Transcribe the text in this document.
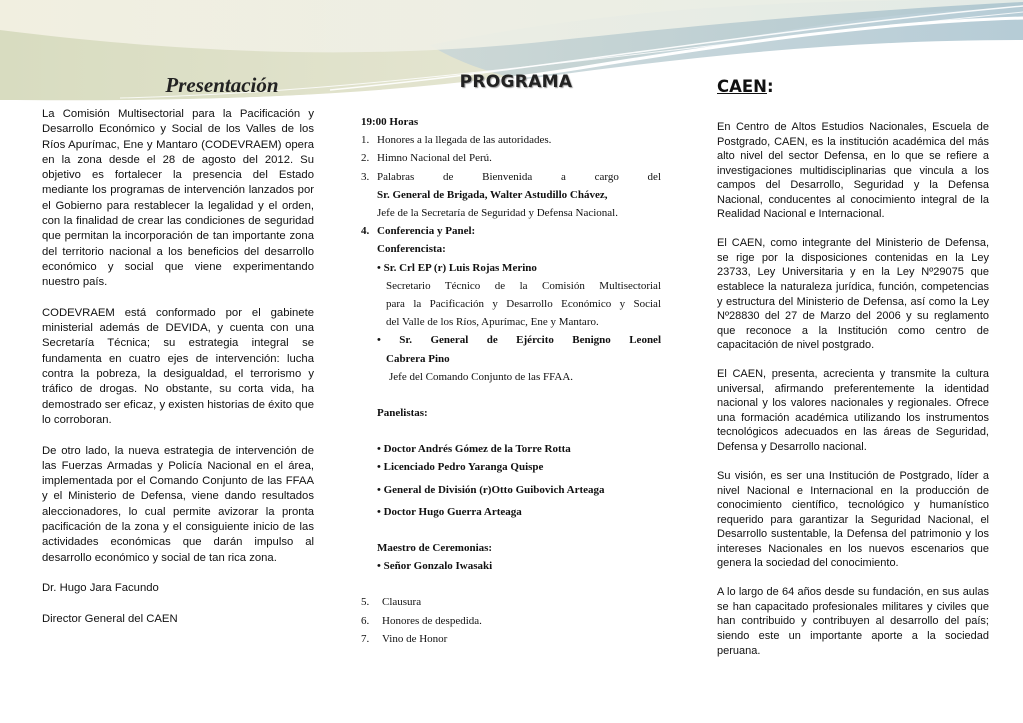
Presentación

La Comisión Multisectorial para la Pacificación y Desarrollo Económico y Social de los Valles de los Ríos Apurímac, Ene y Mantaro (CODEVRAEM) opera en la zona desde el 28 de agosto del 2012. Su objetivo es fortalecer la presencia del Estado mediante los programas de intervención lanzados por el Gobierno para restablecer la legalidad y el orden, con la finalidad de crear las condiciones de seguridad que permitan la incorporación de tan importante zona del territorio nacional a los beneficios del desarrollo económico y social que viene experimentando nuestro país.

CODEVRAEM está conformado por el gabinete ministerial además de DEVIDA, y cuenta con una Secretaría Técnica; su estrategia integral se fundamenta en cuatro ejes de intervención: lucha contra la pobreza, la desigualdad, el terrorismo y tráfico de drogas. No obstante, su corta vida, ha demostrado ser eficaz, y existen historias de éxito que lo corroboran.

De otro lado, la nueva estrategia de intervención de las Fuerzas Armadas y Policía Nacional en el área, implementada por el Comando Conjunto de las FFAA y el Ministerio de Defensa, viene dando resultados aleccionadores, lo cual permite avizorar la pronta pacificación de la zona y el consiguiente inicio de las actividades económicas que darán impulso al desarrollo económico y social de tan rica zona.

Dr. Hugo Jara Facundo

Director General del CAEN

PROGRAMA
19:00 Horas
1. Honores a la llegada de las autoridades.
2. Himno Nacional del Perú.
3. Palabras de Bienvenida a cargo del
Sr. General de Brigada, Walter Astudillo Chávez,
Jefe de la Secretaría de Seguridad y Defensa Nacional.
4. Conferencia y Panel:
Conferencista:
• Sr. Crl EP (r) Luis Rojas Merino
Secretario Técnico de la Comisión Multisectorial
para la Pacificación y Desarrollo Económico y Social
del Valle de los Ríos, Apurímac, Ene y Mantaro.
• Sr. General de Ejército Benigno Leonel
Cabrera Pino
Jefe del Comando Conjunto de las FFAA.
Panelistas:
• Doctor Andrés Gómez de la Torre Rotta
• Licenciado Pedro Yaranga Quispe
• General de División (r)Otto Guibovich Arteaga
• Doctor Hugo Guerra Arteaga
Maestro de Ceremonias:
• Señor Gonzalo Iwasaki
5.	Clausura
6.	Honores de despedida.
7.	Vino de Honor
CAEN:

En Centro de Altos Estudios Nacionales, Escuela de Postgrado, CAEN, es la institución académica del más alto nivel del sector Defensa, en lo que se refiere a investigaciones multidisciplinarias que vincula a los campos del Desarrollo, Seguridad y la Defensa Nacional, conducentes al conocimiento integral de la Realidad Nacional e Internacional.

El CAEN, como integrante del Ministerio de Defensa, se rige por la disposiciones contenidas en la Ley 23733, Ley Universitaria y en la Ley Nº29075 que establece la naturaleza jurídica, función, competencias y estructura del Ministerio de Defensa, así como la Ley Nº28830 del 27 de Marzo del 2006 y su reglamento que reconoce a la Institución como centro de capacitación de nivel postgrado.

El CAEN, presenta, acrecienta y transmite la cultura universal, afirmando preferentemente la identidad nacional y los valores nacionales y regionales. Ofrece una formación académica utilizando los instrumentos tecnológicos adecuados en las áreas de Seguridad, Defensa y Desarrollo nacional.

Su visión, es ser una Institución de Postgrado, líder a nivel Nacional e Internacional en la producción de conocimiento científico, tecnológico y humanístico requerido para garantizar la Seguridad Nacional, el Desarrollo sustentable, la Defensa del patrimonio y los intereses Nacionales en los nuevos escenarios que genera la sociedad del conocimiento.

A lo largo de 64 años desde su fundación, en sus aulas se han capacitado profesionales militares y civiles que han contribuido y contribuyen al desarrollo del país; siendo este un importante aporte a la sociedad peruana.
